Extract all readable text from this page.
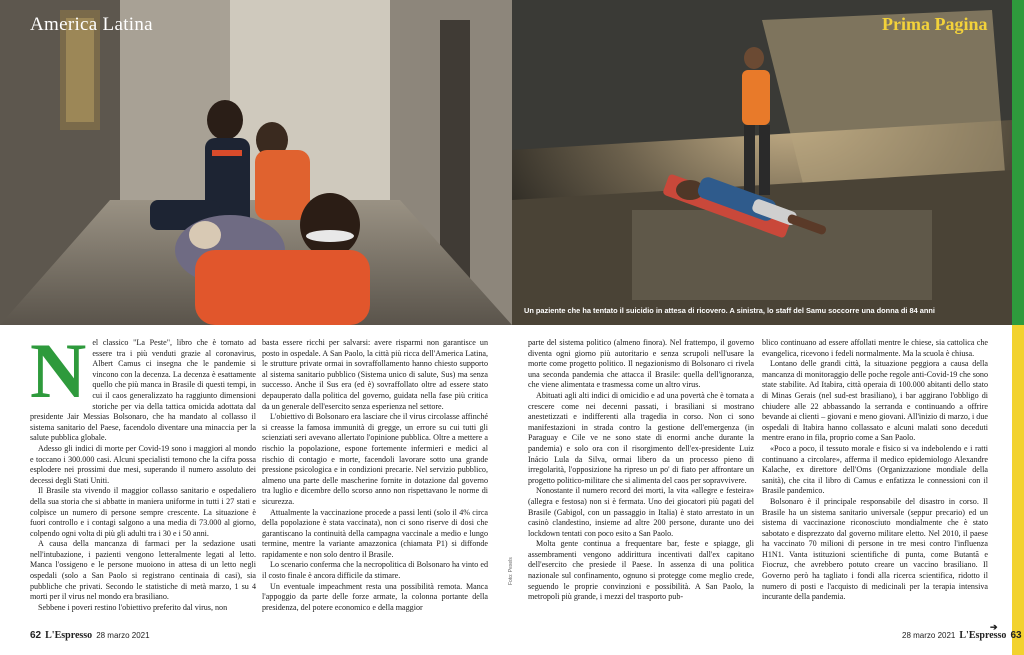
America Latina	Prima Pagina
Un paziente che ha tentato il suicidio in attesa di ricovero. A sinistra, lo staff del Samu soccorre una donna di 84 anni
Foto: Pexels
N el classico "La Peste", libro che è tornato ad essere tra i più venduti grazie al coronavirus, Albert Camus ci insegna che le pandemie si vincono con la decenza. La decenza è esattamente quello che più manca in Brasile di questi tempi, in cui il caos generalizzato ha raggiunto dimensioni storiche per via della tattica omicida adottata dal presidente Jair Messias Bolsonaro, che ha mandato al collasso il sistema sanitario del Paese, facendolo diventare una minaccia per la salute pubblica globale.

Adesso gli indici di morte per Covid-19 sono i maggiori al mondo e toccano i 300.000 casi. Alcuni specialisti temono che la cifra possa esplodere nei prossimi due mesi, superando il numero assoluto dei decessi degli Stati Uniti.

Il Brasile sta vivendo il maggior collasso sanitario e ospedaliero della sua storia che si abbatte in maniera uniforme in tutti i 27 stati e colpisce un numero di persone sempre crescente. La situazione è fuori controllo e i contagi salgono a una media di 73.000 al giorno, colpendo ogni volta di più gli adulti tra i 30 e i 50 anni.

A causa della mancanza di farmaci per la sedazione usati nell'intubazione, i pazienti vengono letteralmente legati al letto. Manca l'ossigeno e le persone muoiono in attesa di un letto negli ospedali (solo a San Paolo si registrano centinaia di casi), sia pubbliche che privati. Secondo le statistiche di metà marzo, 1 su 4 morti per il virus nel mondo era brasiliano.

Sebbene i poveri restino l'obiettivo preferito dal virus, non

basta essere ricchi per salvarsi: avere risparmi non garantisce un posto in ospedale. A San Paolo, la città più ricca dell'America Latina, le strutture private ormai in sovraffollamento hanno chiesto supporto al sistema sanitario pubblico (Sistema unico di salute, Sus) ma senza successo. Anche il Sus era (ed è) sovraffollato oltre ad essere stato depauperato dalla politica del governo, guidata nella fase più critica da un generale dell'esercito senza esperienza nel settore.

L'obiettivo di Bolsonaro era lasciare che il virus circolasse affinché si creasse la famosa immunità di gregge, un errore su cui tutti gli scienziati seri avevano allertato l'opinione pubblica. Oltre a mettere a rischio la popolazione, espone fortemente infermieri e medici al rischio di contagio e morte, facendoli lavorare sotto una grande pressione psicologica e in condizioni precarie. Nel servizio pubblico, almeno una parte delle mascherine fornite in dotazione dal governo tra luglio e dicembre dello scorso anno non rispettavano le norme di sicurezza.

Attualmente la vaccinazione procede a passi lenti (solo il 4% circa della popolazione è stata vaccinata), non ci sono riserve di dosi che garantiscano la continuità della campagna vaccinale a medio e lungo termine, mentre la variante amazzonica (chiamata P1) si diffonde rapidamente e non solo dentro il Brasile.

Lo scenario conferma che la necropolitica di Bolsonaro ha vinto ed il costo finale è ancora difficile da stimare.

Un eventuale impeachment resta una possibilità remota. Manca l'appoggio da parte delle forze armate, la colonna portante della presidenza, del potere economico e della maggior

parte del sistema politico (almeno finora). Nel frattempo, il governo diventa ogni giorno più autoritario e senza scrupoli nell'usare la morte come progetto politico. Il negazionismo di Bolsonaro ci rivela una seconda pandemia che attacca il Brasile: quella dell'ignoranza, che viene alimentata e trasmessa come un altro virus.

Abituati agli alti indici di omicidio e ad una povertà che è tornata a crescere come nei decenni passati, i brasiliani si mostrano anestetizzati e indifferenti alla tragedia in corso. Non ci sono manifestazioni in strada contro la gestione dell'emergenza (in Paraguay e Cile ve ne sono state di enormi anche durante la pandemia) e solo ora con il risorgimento dell'ex-presidente Luiz Inácio Lula da Silva, ormai libero da un processo pieno di irregolarità, l'opposizione ha ripreso un po' di fiato per affrontare un progetto politico-militare che si alimenta del caos per sopravvivere.

Nonostante il numero record dei morti, la vita «allegre e festeira» (allegra e festosa) non si è fermata. Uno dei giocatori più pagati del Brasile (Gabigol, con un passaggio in Italia) è stato arrestato in un casinò clandestino, insieme ad altre 200 persone, durante uno dei lockdown tentati con poco esito a San Paolo.

Molta gente continua a frequentare bar, feste e spiagge, gli assembramenti vengono addirittura incentivati dall'ex capitano dell'esercito che presiede il Paese. In assenza di una politica nazionale sul confinamento, ognuno si protegge come meglio crede, seguendo le proprie convinzioni e possibilità. A San Paolo, la metropoli più grande, i mezzi del trasporto pub-

blico continuano ad essere affollati mentre le chiese, sia cattolica che evangelica, ricevono i fedeli normalmente. Ma la scuola è chiusa.

Lontano delle grandi città, la situazione peggiora a causa della mancanza di monitoraggio delle poche regole anti-Covid-19 che sono state stabilite. Ad Itabira, città operaia di 100.000 abitanti dello stato di Minas Gerais (nel sud-est brasiliano), i bar aggirano l'obbligo di chiudere alle 22 abbassando la serranda e continuando a offrire bevande ai clienti – giovani e meno giovani. All'inizio di marzo, i due ospedali di Itabira hanno collassato e alcuni malati sono deceduti mentre erano in fila, proprio come a San Paolo.

«Poco a poco, il tessuto morale e fisico si va indebolendo e i ratti continuano a circolare», afferma il medico epidemiologo Alexandre Kalache, ex direttore dell'Oms (Organizzazione mondiale della sanità), che cita il libro di Camus e enfatizza le connessioni con il Brasile pandemico.

Bolsonaro è il principale responsabile del disastro in corso. Il Brasile ha un sistema sanitario universale (seppur precario) ed un sistema di vaccinazione riconosciuto mondialmente che è stato sabotato e disprezzato dal governo militare eletto. Nel 2010, il paese ha vaccinato 70 milioni di persone in tre mesi contro l'influenza H1N1. Vanta istituzioni scientifiche di punta, come Butantã e Fiocruz, che avrebbero potuto creare un vaccino brasiliano. Il Governo però ha tagliato i fondi alla ricerca scientifica, ridotto il numero di posti e l'acquisto di medicinali per la terapia intensiva incurante della pandemia.

62 L'Espresso 28 marzo 2021	28 marzo 2021 L'Espresso 63
➔
